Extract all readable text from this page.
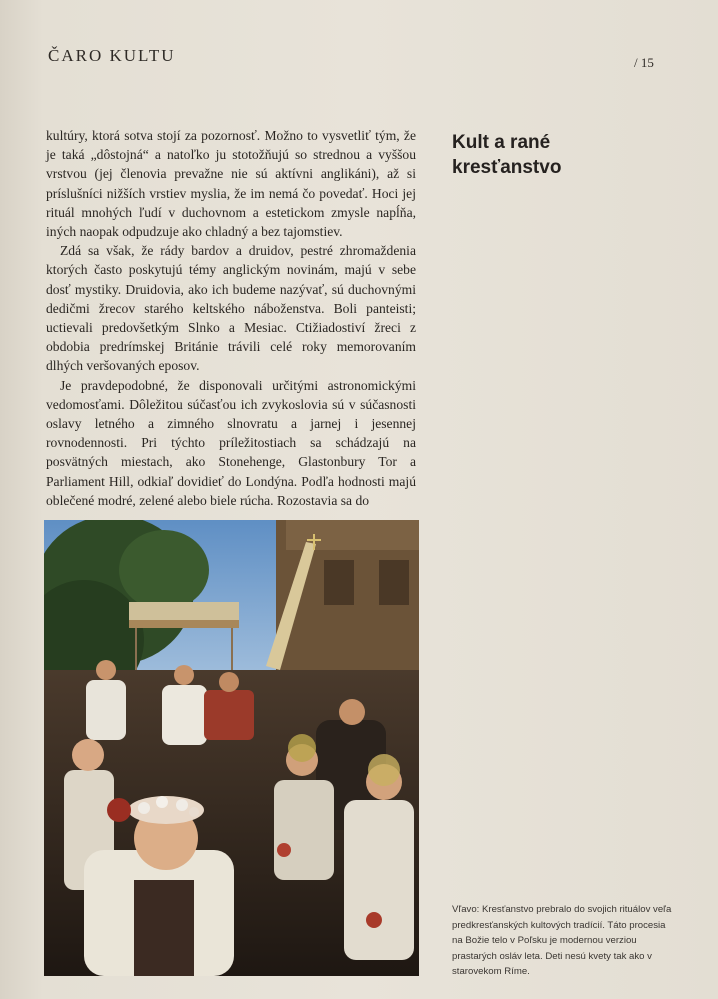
ČARO KULTU	/ 15

kultúry, ktorá sotva stojí za pozornosť. Možno to vysvetliť tým, že je taká „dôstojná“ a natoľko ju stotožňujú so strednou a vyššou vrstvou (jej členovia prevažne nie sú aktívni anglikáni), až si príslušníci nižších vrstiev myslia, že im nemá čo povedať. Hoci jej rituál mnohých ľudí v duchovnom a estetickom zmysle napĺňa, iných naopak odpudzuje ako chladný a bez tajomstiev.

Zdá sa však, že rády bardov a druidov, pestré zhromaždenia ktorých často poskytujú témy anglickým novinám, majú v sebe dosť mystiky. Druidovia, ako ich budeme nazývať, sú duchovnými dedičmi žrecov starého keltského náboženstva. Boli panteisti; uctievali predovšetkým Slnko a Mesiac. Ctižiadostiví žreci z obdobia predrímskej Británie trávili celé roky memorovaním dlhých veršovaných eposov.

Je pravdepodobné, že disponovali určitými astronomickými vedomosťami. Dôležitou súčasťou ich zvykoslovia sú v súčasnosti oslavy letného a zimného slnovratu a jarnej i jesennej rovnodennosti. Pri týchto príležitostiach sa schádzajú na posvätných miestach, ako Stonehenge, Glastonbury Tor a Parliament Hill, odkiaľ dovidieť do Londýna. Podľa hodnosti majú oblečené modré, zelené alebo biele rúcha. Rozostavia sa do

Kult a rané kresťanstvo

Vľavo: Kresťanstvo prebralo do svojich rituálov veľa predkresťanských kultových tradícií. Táto procesia na Božie telo v Poľsku je modernou verziou prastarých osláv leta. Deti nesú kvety tak ako v starovekom Ríme.
